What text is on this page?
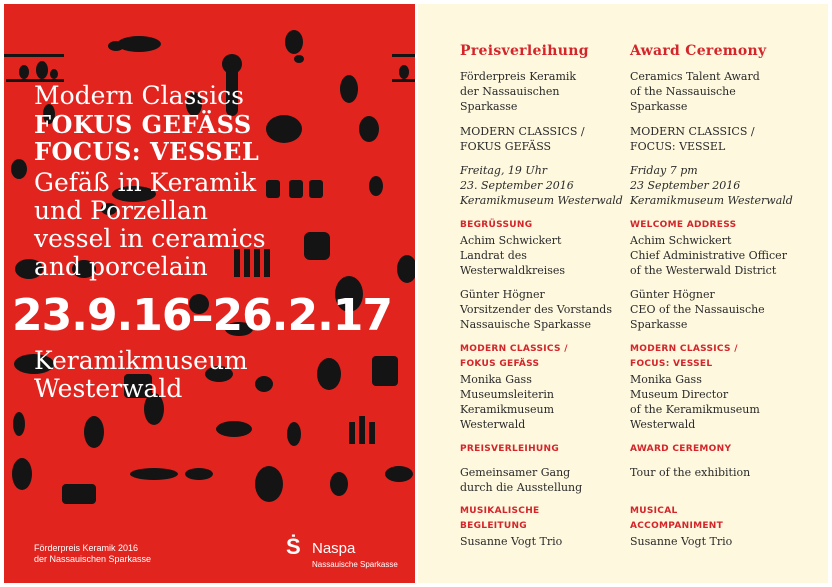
Modern Classics
FOKUS GEFÄSS
FOCUS: VESSEL
Gefäß in Keramik
und Porzellan
vessel in ceramics
and porcelain
23.9.16–26.2.17
Keramikmuseum
Westerwald
Förderpreis Keramik 2016
der Nassauischen Sparkasse	Ṡ Naspa
Nassauische Sparkasse
Preisverleihung
Förderpreis Keramik
der Nassauischen
Sparkasse
MODERN CLASSICS /
FOKUS GEFÄSS
Freitag, 19 Uhr
23. September 2016
Keramikmuseum Westerwald
BEGRÜSSUNG
Achim Schwickert
Landrat des
Westerwaldkreises
Günter Högner
Vorsitzender des Vorstands
Nassauische Sparkasse
MODERN CLASSICS /
FOKUS GEFÄSS
Monika Gass
Museumsleiterin
Keramikmuseum
Westerwald
PREISVERLEIHUNG
Gemeinsamer Gang
durch die Ausstellung
MUSIKALISCHE
BEGLEITUNG
Susanne Vogt Trio
Award Ceremony
Ceramics Talent Award
of the Nassauische
Sparkasse
MODERN CLASSICS /
FOCUS: VESSEL
Friday 7 pm
23 September 2016
Keramikmuseum Westerwald
WELCOME ADDRESS
Achim Schwickert
Chief Administrative Officer
of the Westerwald District
Günter Högner
CEO of the Nassauische
Sparkasse
MODERN CLASSICS /
FOCUS: VESSEL
Monika Gass
Museum Director
of the Keramikmuseum
Westerwald
AWARD CEREMONY
Tour of the exhibition
MUSICAL
ACCOMPANIMENT
Susanne Vogt Trio
